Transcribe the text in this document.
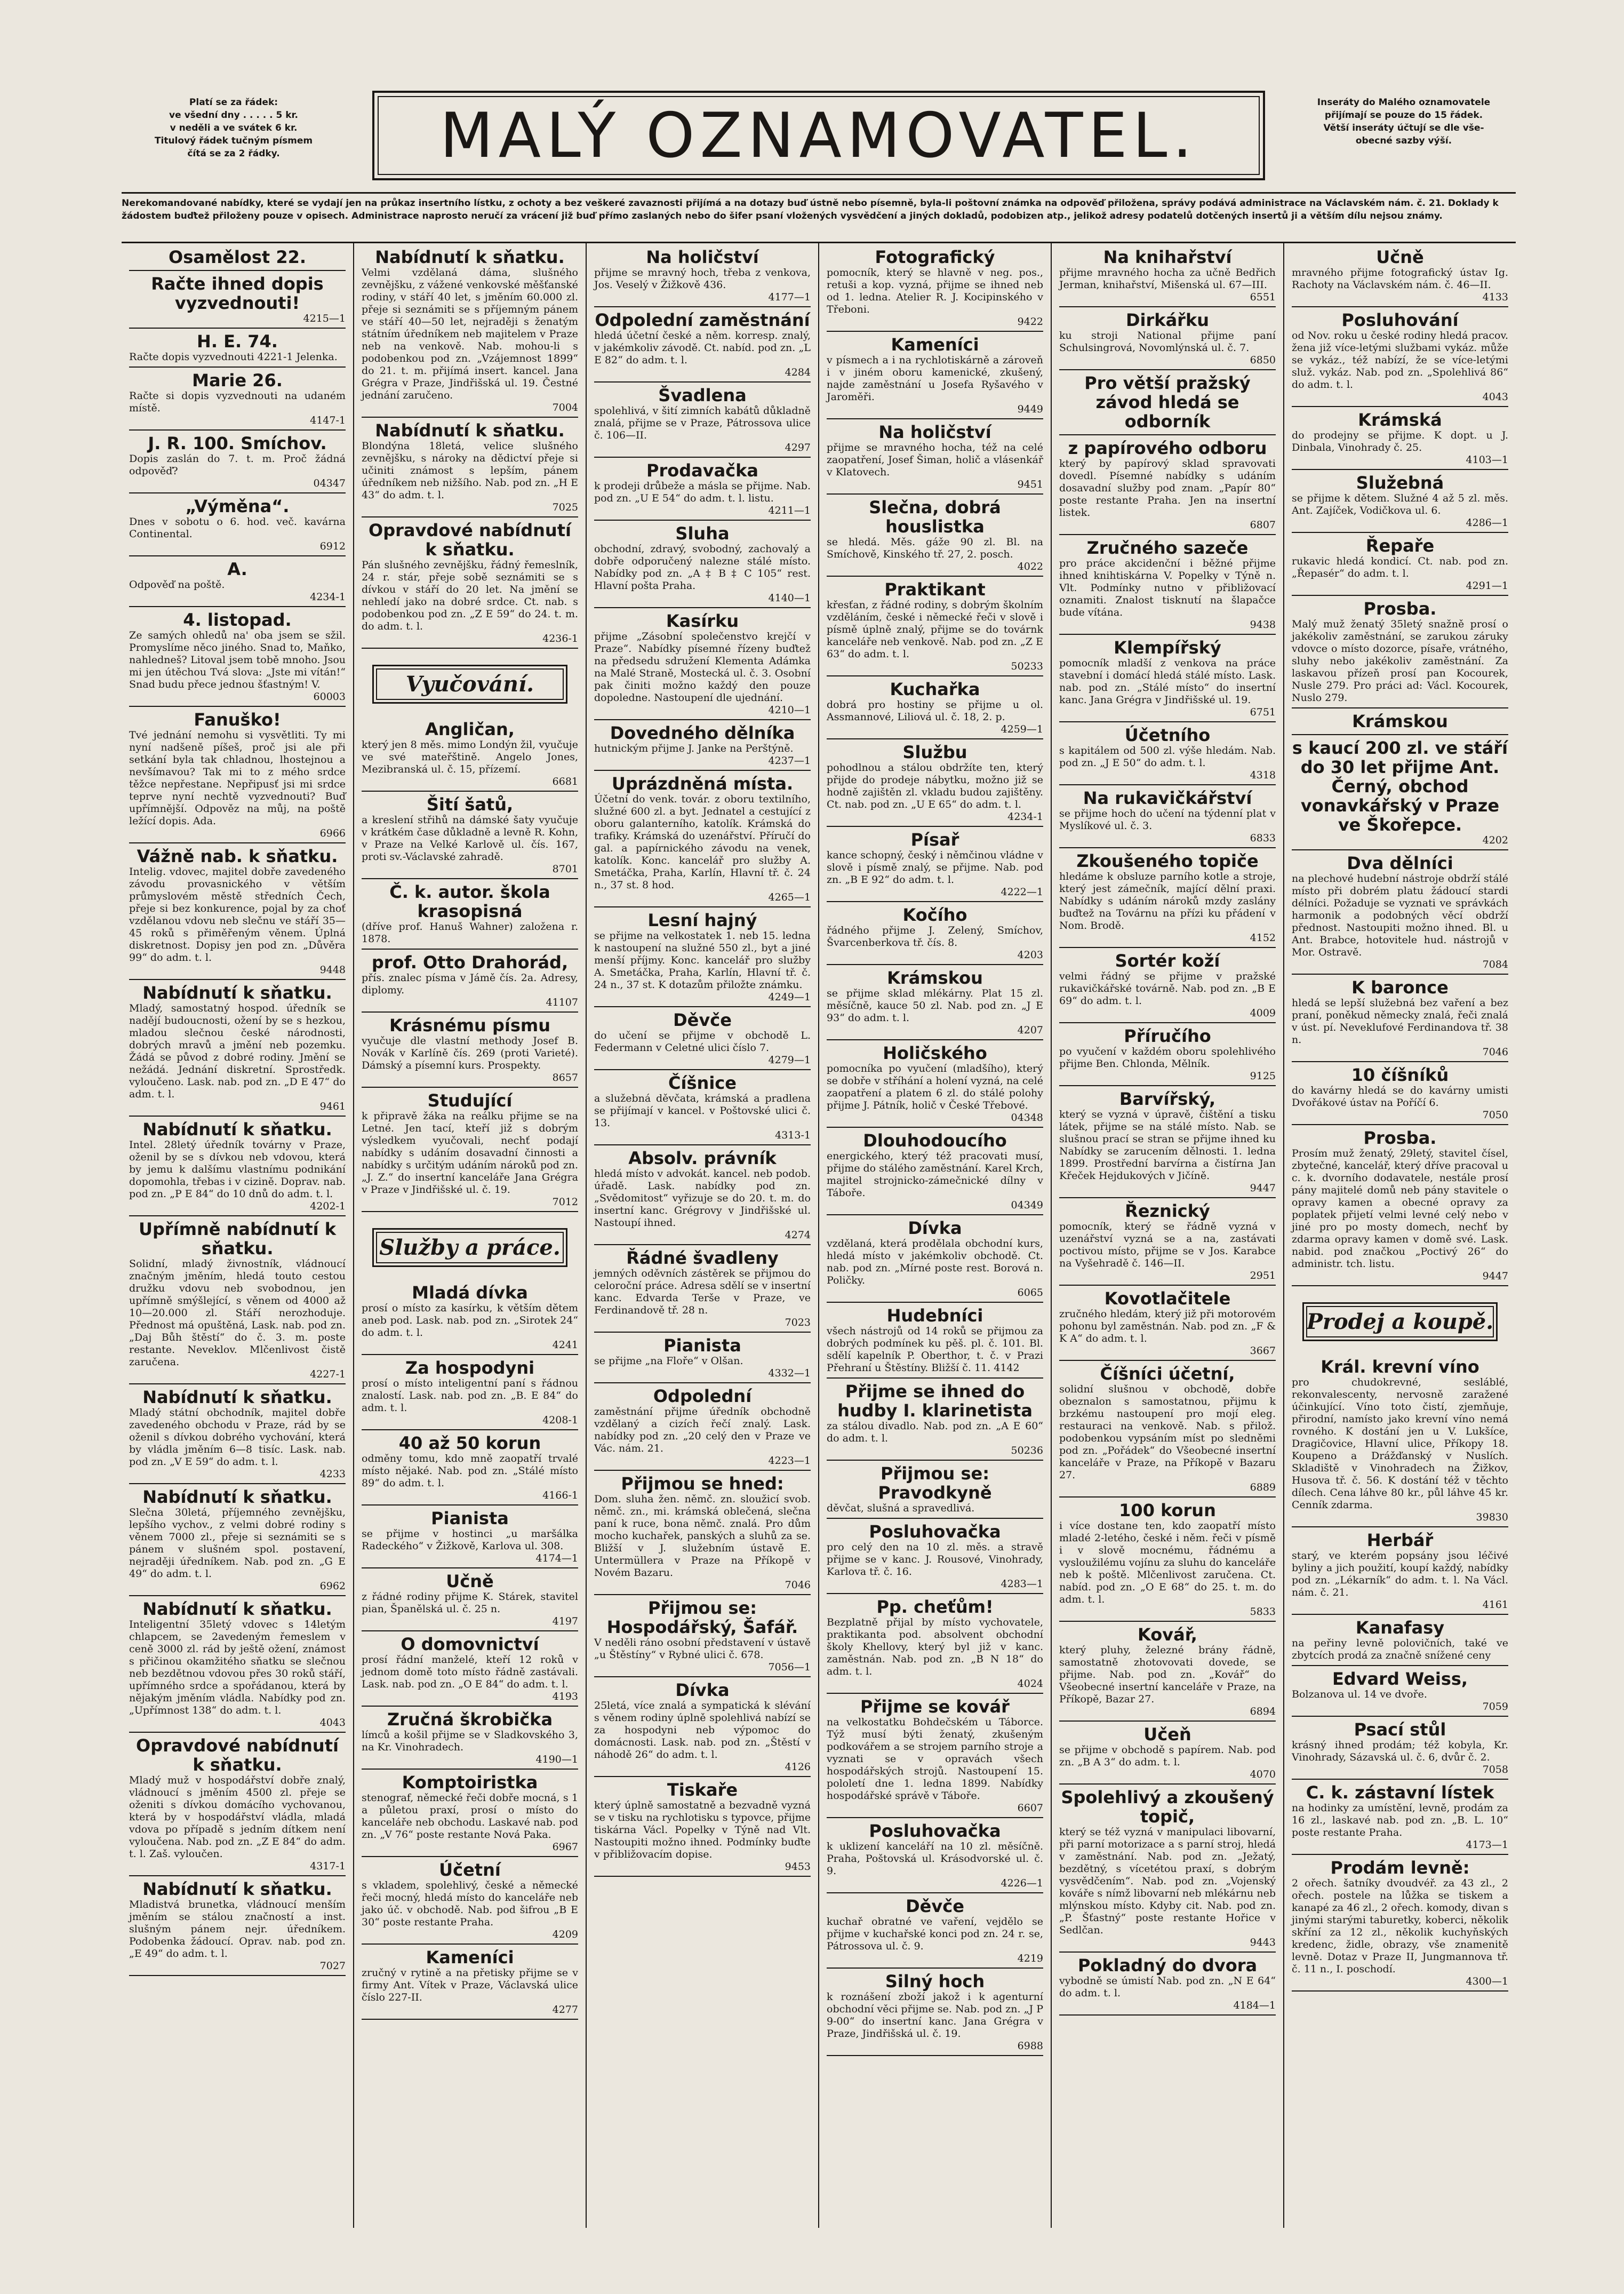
Platí se za řádek:
ve všední dny . . . . . 5 kr.
v neděli a ve svátek 6 kr.
Titulový řádek tučným písmem
čítá se za 2 řádky.	MALÝ OZNAMOVATEL.	Inseráty do Malého oznamovatele
přijímají se pouze do 15 řádek.
Větší inseráty účtují se dle vše-
obecné sazby výší.
Nerekomandované nabídky, které se vydají jen na průkaz insertního lístku, z ochoty a bez veškeré zavaznosti přijímá a na dotazy buď ústně nebo písemně, byla-li poštovní známka na odpověď přiložena, správy podává administrace na Václavském nám. č. 21. Doklady k žádostem buďtež přiloženy pouze v opisech. Administrace naprosto neručí za vrácení již buď přímo zaslaných nebo do šifer psaní vložených vysvědčení a jiných dokladů, podobizen atp., jelikož adresy podatelů dotčených insertů ji a větším dílu nejsou známy.
Osamělost 22.
Račte ihned dopis vyzvednouti!
4215—1
H. E. 74.
Račte dopis vyzvednouti 4221-1 Jelenka.
Marie 26.
Račte si dopis vyzvednouti na udaném místě.
4147-1
J. R. 100. Smíchov.
Dopis zaslán do 7. t. m. Proč žádná odpověď?
04347
„Výměna“.
Dnes v sobotu o 6. hod. več. kavárna Continental.
6912
A.
Odpověď na poště.
4234-1
4. listopad.
Ze samých ohledů na' oba jsem se sžil. Promyslíme něco jiného. Snad to, Maňko, nahledneš? Litoval jsem tobě mnoho. Jsou mi jen útěchou Tvá slova: „Jste mi vítán!“ Snad budu přece jednou šťastným! V.
60003
Fanuško!
Tvé jednání nemohu si vysvětliti. Ty mi nyní nadšeně píšeš, proč jsi ale při setkání byla tak chladnou, lhostejnou a nevšímavou? Tak mi to z mého srdce těžce nepřestane. Nepřipusť jsi mi srdce teprve nyní nechtě vyzvednouti? Buď upřímnější. Odpověz na můj, na poště ležící dopis. Ada.
6966
Vážně nab. k sňatku.
Intelig. vdovec, majitel dobře zavedeného závodu provasnického v větším průmyslovém městě středních Čech, přeje si bez konkurence, pojal by za choť vzdělanou vdovu neb slečnu ve stáří 35—45 roků s přiměřeným věnem. Úplná diskretnost. Dopisy jen pod zn. „Důvěra 99“ do adm. t. l.
9448
Nabídnutí k sňatku.
Mladý, samostatný hospod. úředník se nadějí budoucnosti, ožení by se s hezkou, mladou slečnou české národnosti, dobrých mravů a jmění neb pozemku. Žádá se původ z dobré rodiny. Jmění se nežádá. Jednání diskretní. Sprostředk. vyloučeno. Lask. nab. pod zn. „D E 47“ do adm. t. l.
9461
Nabídnutí k sňatku.
Intel. 28letý úředník továrny v Praze, oženil by se s dívkou neb vdovou, která by jemu k dalšímu vlastnímu podnikání dopomohla, třebas i v cizině. Doprav. nab. pod zn. „P E 84“ do 10 dnů do adm. t. l.
4202-1
Upřímně nabídnutí k sňatku.
Solidní, mladý živnostník, vládnoucí značným jměním, hledá touto cestou družku vdovu neb svobodnou, jen upřímně smýšlející, s věnem od 4000 až 10—20.000 zl. Stáří nerozhoduje. Přednost má opuštěná, Lask. nab. pod zn. „Daj Bůh štěstí“ do č. 3. m. poste restante. Neveklov. Mlčenlivost čistě zaručena.
4227-1
Nabídnutí k sňatku.
Mladý státní obchodník, majitel dobře zavedeného obchodu v Praze, rád by se oženil s dívkou dobrého vychování, která by vládla jměním 6—8 tisíc. Lask. nab. pod zn. „V E 59“ do adm. t. l.
4233
Nabídnutí k sňatku.
Slečna 30letá, příjemného zevnějšku, lepšího vychov., z velmi dobré rodiny s věnem 7000 zl., přeje si seznámiti se s pánem v slušném spol. postavení, nejraději úředníkem. Nab. pod zn. „G E 49“ do adm. t. l.
6962
Nabídnutí k sňatku.
Inteligentní 35letý vdovec s 14letým chlapcem, se 2avedeným řemeslem v ceně 3000 zl. rád by ještě ožení, známost s přičinou okamžitého sňatku se slečnou neb bezdětnou vdovou přes 30 roků stáří, upřímného srdce a spořádanou, která by nějakým jměním vládla. Nabídky pod zn. „Upřímnost 138“ do adm. t. l.
4043
Opravdové nabídnutí k sňatku.
Mladý muž v hospodářství dobře znalý, vládnoucí s jměním 4500 zl. přeje se oženiti s dívkou domácího vychovanou, která by v hospodářství vládla, mladá vdova po případě s jedním dítkem není vyloučena. Nab. pod zn. „Z E 84“ do adm. t. l. Zaš. vyloučen.
4317-1
Nabídnutí k sňatku.
Mladistvá brunetka, vládnoucí menším jměním se stálou značností a inst. slušným pánem nejr. úředníkem. Podobenka žádoucí. Oprav. nab. pod zn. „E 49“ do adm. t. l.
7027
Nabídnutí k sňatku.
Velmi vzdělaná dáma, slušného zevnějšku, z vážené venkovské měšťanské rodiny, v stáří 40 let, s jměním 60.000 zl. přeje si seznámiti se s příjemným pánem ve stáří 40—50 let, nejraději s ženatým státním úředníkem neb majitelem v Praze neb na venkově. Nab. mohou-li s podobenkou pod zn. „Vzájemnost 1899“ do 21. t. m. přijímá insert. kancel. Jana Grégra v Praze, Jindřišská ul. 19. Čestné jednání zaručeno.
7004
Nabídnutí k sňatku.
Blondýna 18letá, velice slušného zevnějšku, s nároky na dědictví přeje si učiniti známost s lepším, pánem úředníkem neb nižšího. Nab. pod zn. „H E 43“ do adm. t. l.
7025
Opravdové nabídnutí k sňatku.
Pán slušného zevnějšku, řádný řemeslník, 24 r. stár, přeje sobě seznámiti se s dívkou v stáří do 20 let. Na jmění se nehledí jako na dobré srdce. Ct. nab. s podobenkou pod zn. „Z E 59“ do 24. t. m. do adm. t. l.
4236-1
Vyučování.
Angličan,
který jen 8 měs. mimo Londýn žil, vyučuje ve své mateřštině. Angelo Jones, Mezibranská ul. č. 15, přízemí.
6681
Šití šatů,
a kreslení střihů na dámské šaty vyučuje v krátkém čase důkladně a levně R. Kohn, v Praze na Velké Karlově ul. čís. 167, proti sv.-Václavské zahradě.
8701
Č. k. autor. škola krasopisná
(dříve prof. Hanuš Wahner) založena r. 1878.
prof. Otto Drahorád,
přís. znalec písma v Jámě čís. 2a. Adresy, diplomy.
41107
Krásnému písmu
vyučuje dle vlastní methody Josef B. Novák v Karlíně čís. 269 (proti Varieté). Dámský a písemní kurs. Prospekty.
8657
Studující
k připravě žáka na reálku přijme se na Letné. Jen tací, kteří již s dobrým výsledkem vyučovali, nechť podají nabídky s udáním dosavadní činnosti a nabídky s určitým udáním nároků pod zn. „J. Z.“ do insertní kanceláře Jana Grégra v Praze v Jindřišské ul. č. 19.
7012
Služby a práce.
Mladá dívka
prosí o místo za kasírku, k větším dětem aneb pod. Lask. nab. pod zn. „Sirotek 24“ do adm. t. l.
4241
Za hospodyni
prosí o místo inteligentní paní s řádnou znalostí. Lask. nab. pod zn. „B. E 84“ do adm. t. l.
4208-1
40 až 50 korun
odměny tomu, kdo mně zaopatří trvalé místo nějaké. Nab. pod zn. „Stálé místo 89“ do adm. t. l.
4166-1
Pianista
se přijme v hostinci „u maršálka Radeckého“ v Žižkově, Karlova ul. 308.
4174—1
Učně
z řádné rodiny přijme K. Stárek, stavitel pian, Španělská ul. č. 25 n.
4197
O domovnictví
prosí řádní manželé, kteří 12 roků v jednom domě toto místo řádně zastávali. Lask. nab. pod zn. „O E 84“ do adm. t. l.
4193
Zručná škrobička
límců a košil přijme se v Sladkovského 3, na Kr. Vinohradech.
4190—1
Komptoiristka
stenograf, německé řeči dobře mocná, s 1 a půletou praxí, prosí o místo do kanceláře neb obchodu. Laskavé nab. pod zn. „V 76“ poste restante Nová Paka.
6967
Účetní
s vkladem, spolehlivý, české a německé řeči mocný, hledá místo do kanceláře neb jako úč. v obchodě. Nab. pod šifrou „B E 30“ poste restante Praha.
4209
Kameníci
zručný v rytině a na přetisky přijme se v firmy Ant. Vítek v Praze, Václavská ulice číslo 227-II.
4277
Na holičství
přijme se mravný hoch, třeba z venkova, Jos. Veselý v Žižkově 436.
4177—1
Odpolední zaměstnání
hledá účetní české a něm. korresp. znalý, v jakémkoliv závodě. Ct. nabíd. pod zn. „L E 82“ do adm. t. l.
4284
Švadlena
spolehlivá, v šití zimních kabátů důkladně znalá, přijme se v Praze, Pátrossova ulice č. 106—II.
4297
Prodavačka
k prodeji drůbeže a másla se přijme. Nab. pod zn. „U E 54“ do adm. t. l. listu.
4211—1
Sluha
obchodní, zdravý, svobodný, zachovalý a dobře odporučený nalezne stálé místo. Nabídky pod zn. „A ‡ B ‡ C 105“ rest. Hlavní pošta Praha.
4140—1
Kasírku
přijme „Zásobní společenstvo krejčí v Praze“. Nabídky písemné řízeny buďtež na předsedu sdružení Klementa Adámka na Malé Straně, Mostecká ul. č. 3. Osobní pak činiti možno každý den pouze dopoledne. Nastoupení dle ujednání.
4210—1
Dovedného dělníka
hutnickým přijme J. Janke na Perštýně.
4237—1
Uprázdněná místa.
Účetní do venk. továr. z oboru textilního, služné 600 zl. a byt. Jednatel a cestující z oboru galanterního, katolík. Krámská do trafiky. Krámská do uzenářství. Příručí do gal. a papírnického závodu na venek, katolík. Konc. kancelář pro služby A. Smetáčka, Praha, Karlín, Hlavní tř. č. 24 n., 37 st. 8 hod.
4265—1
Lesní hajný
se přijme na velkostatek 1. neb 15. ledna k nastoupení na služné 550 zl., byt a jiné menší příjmy. Konc. kancelář pro služby A. Smetáčka, Praha, Karlín, Hlavní tř. č. 24 n., 37 st. K dotazům přiložte známku.
4249—1
Děvče
do učení se přijme v obchodě L. Federmann v Celetné ulici číslo 7.
4279—1
Číšnice
a služebná děvčata, krámská a pradlena se přijímají v kancel. v Poštovské ulici č. 13.
4313-1
Absolv. právník
hledá místo v advokát. kancel. neb podob. úřadě. Lask. nabídky pod zn. „Svědomitost“ vyřizuje se do 20. t. m. do insertní kanc. Grégrovy v Jindřišské ul. Nastoupí ihned.
4274
Řádné švadleny
jemných oděvních zástěrek se přijmou do celoroční práce. Adresa sdělí se v insertní kanc. Edvarda Terše v Praze, ve Ferdinandově tř. 28 n.
7023
Pianista
se přijme „na Floře“ v Olšan.
4332—1
Odpolední
zaměstnání přijme úředník obchodně vzdělaný a cizích řečí znalý. Lask. nabídky pod zn. „20 celý den v Praze ve Vác. nám. 21.
4223—1
Přijmou se hned:
Dom. sluha žen. němč. zn. sloužicí svob. němč. zn., mi. krámská oblečená, slečna paní k ruce, bona němč. znalá. Pro dům mocho kuchařek, panských a sluhů za se. Bližší v J. služebním ústavě E. Untermüllera v Praze na Příkopě v Novém Bazaru.
7046
Přijmou se: Hospodářský, Šafář.
V neděli ráno osobní představení v ústavě „u Štěstíny“ v Rybné ulici č. 678.
7056—1
Dívka
25letá, více znalá a sympatická k slévání s věnem rodiny úplně spolehlivá nabízí se za hospodyni neb výpomoc do domácnosti. Lask. nab. pod zn. „Štěstí v náhodě 26“ do adm. t. l.
4126
Tiskaře
který úplně samostatně a bezvadně vyzná se v tisku na rychlotisku s typovce, přijme tiskárna Václ. Popelky v Týně nad Vlt. Nastoupiti možno ihned. Podmínky buďte v přibližovacím dopise.
9453
Fotografický
pomocník, který se hlavně v neg. pos., retuši a kop. vyzná, přijme se ihned neb od 1. ledna. Atelier R. J. Kocipinského v Třeboni.
9422
Kameníci
v písmech a i na rychlotiskárně a zároveň i v jiném oboru kamenické, zkušený, najde zaměstnání u Josefa Ryšavého v Jaroměři.
9449
Na holičství
přijme se mravného hocha, též na celé zaopatření, Josef Šiman, holič a vlásenkář v Klatovech.
9451
Slečna, dobrá houslistka
se hledá. Měs. gáže 90 zl. Bl. na Smíchově, Kinského tř. 27, 2. posch.
4022
Praktikant
křesťan, z řádné rodiny, s dobrým školním vzděláním, české i německé řeči v slově i písmě úplně znalý, přijme se do továrnk kanceláře neb venkově. Nab. pod zn. „Z E 63“ do adm. t. l.
50233
Kuchařka
dobrá pro hostiny se přijme u ol. Assmannové, Liliová ul. č. 18, 2. p.
4259—1
Službu
pohodlnou a stálou obdržíte ten, který přijde do prodeje nábytku, možno již se hodně zajištěn zl. vkladu budou zajištěny. Ct. nab. pod zn. „U E 65“ do adm. t. l.
4234-1
Písař
kance schopný, český i němčinou vládne v slově i písmě znalý, se přijme. Nab. pod zn. „B E 92“ do adm. t. l.
4222—1
Kočího
řádného přijme J. Zelený, Smíchov, Švarcenberkova tř. čís. 8.
4203
Krámskou
se přijme sklad mlékárny. Plat 15 zl. měsíčně, kauce 50 zl. Nab. pod zn. „J E 93“ do adm. t. l.
4207
Holičského
pomocníka po vyučení (mladšího), který se dobře v stříhání a holení vyzná, na celé zaopatření a platem 6 zl. do stálé polohy přijme J. Pátník, holič v České Třebové.
04348
Dlouhodoucího
energického, který též pracovati musí, přijme do stálého zaměstnání. Karel Krch, majitel strojnicko-zámečnické dílny v Táboře.
04349
Dívka
vzdělaná, která prodělala obchodní kurs, hledá místo v jakémkoliv obchodě. Ct. nab. pod zn. „Mírné poste rest. Borová n. Poličky.
6065
Hudebníci
všech nástrojů od 14 roků se přijmou za dobrých podmínek ku pěš. pl. č. 101. Bl. sdělí kapelník P. Oberthor, t. č. v Prazi Přehraní u Štěstíny. Bližší č. 11. 4142
Přijme se ihned do hudby I. klarinetista
za stálou divadlo. Nab. pod zn. „A E 60“ do adm. t. l.
50236
Přijmou se: Pravodkyně
děvčat, slušná a spravedlivá.
Posluhovačka
pro celý den na 10 zl. měs. a stravě přijme se v kanc. J. Rousové, Vinohrady, Karlova tř. č. 16.
4283—1
Pp. cheťům!
Bezplatně přijal by místo vychovatele, praktikanta pod. absolvent obchodní školy Khellovy, který byl již v kanc. zaměstnán. Nab. pod zn. „B N 18“ do adm. t. l.
4024
Přijme se kovář
na velkostatku Bohdečském u Táborce. Týž musí býti ženatý, zkušeným podkovářem a se strojem parního stroje a vyznati se v opravách všech hospodářských strojů. Nastoupení 15. pololetí dne 1. ledna 1899. Nabídky hospodářské správě v Táboře.
6607
Posluhovačka
k uklizení kanceláří na 10 zl. měsíčně. Praha, Poštovská ul. Krásodvorské ul. č. 9.
4226—1
Děvče
kuchař obratné ve vaření, vejdělo se přijme v kuchařské konci pod zn. 24 r. se, Pátrossova ul. č. 9.
4219
Silný hoch
k roznášení zboží jakož i k agenturní obchodní věci přijme se. Nab. pod zn. „J P 9-00“ do insertní kanc. Jana Grégra v Praze, Jindřišská ul. č. 19.
6988
Na knihařství
přijme mravného hocha za učně Bedřich Jerman, knihařství, Mišenská ul. 67—III.
6551
Dirkářku
ku stroji National přijme paní Schulsingrová, Novomlýnská ul. č. 7.
6850
Pro větší pražský závod hledá se odborník
z papírového odboru
který by papírový sklad spravovati dovedl. Písemné nabídky s udáním dosavadní služby pod znam. „Papír 80“ poste restante Praha. Jen na insertní listek.
6807
Zručného sazeče
pro práce akcidenční i běžné přijme ihned knihtiskárna V. Popelky v Týně n. Vlt. Podmínky nutno v přibližovací oznamiti. Znalost tisknutí na šlapačce bude vítána.
9438
Klempířský
pomocník mladší z venkova na práce stavební i domácí hledá stálé místo. Lask. nab. pod zn. „Stálé místo“ do insertní kanc. Jana Grégra v Jindřišské ul. 19.
6751
Účetního
s kapitálem od 500 zl. výše hledám. Nab. pod zn. „J E 50“ do adm. t. l.
4318
Na rukavičkářství
se přijme hoch do učení na týdenní plat v Myslíkové ul. č. 3.
6833
Zkoušeného topiče
hledáme k obsluze parního kotle a stroje, který jest zámečník, mající dělní praxi. Nabídky s udáním nároků mzdy zaslány buďtež na Továrnu na přízi ku přádení v Nom. Brodě.
4152
Sortér koží
velmi řádný se přijme v pražské rukavičkářské továrně. Nab. pod zn. „B E 69“ do adm. t. l.
4009
Příručího
po vyučení v každém oboru spolehlivého přijme Ben. Chlonda, Mělník.
9125
Barvířský,
který se vyzná v úpravě, čištění a tisku látek, přijme se na stálé místo. Nab. se slušnou prací se stran se přijme ihned ku Nabídky se zarucením dělnosti. 1. ledna 1899. Prostřední barvírna a čistírna Jan Křeček Hejdukových v Jičíně.
9447
Řeznický
pomocník, který se řádně vyzná v uzenářství vyzná se a na, zastávati poctivou místo, přijme se v Jos. Karabce na Vyšehradě č. 146—II.
2951
Kovotlačitele
zručného hledám, který již při motorovém pohonu byl zaměstnán. Nab. pod zn. „F & K A“ do adm. t. l.
3667
Číšníci účetní,
solidní slušnou v obchodě, dobře obeznalon s samostatnou, přijmu k brzkému nastoupení pro mojí eleg. restauraci na venkově. Nab. s přilož. podobenkou vypsáním míst po sledněmi pod zn. „Pořádek“ do Všeobecné insertní kanceláře v Praze, na Příkopě v Bazaru 27.
6889
100 korun
i více dostane ten, kdo zaopatří místo mladé 2-letého, české i něm. řeči v písmě i v slově mocnému, řádnému a vysloužilému vojínu za sluhu do kanceláře neb k poště. Mlčenlivost zaručena. Ct. nabíd. pod zn. „O E 68“ do 25. t. m. do adm. t. l.
5833
Kovář,
který pluhy, železné brány řádně, samostatně zhotovovati dovede, se přijme. Nab. pod zn. „Kovář“ do Všeobecné insertní kanceláře v Praze, na Příkopě, Bazar 27.
6894
Učeň
se přijme v obchodě s papírem. Nab. pod zn. „B A 3“ do adm. t. l.
4070
Spolehlivý a zkoušený topič,
který se též vyzná v manipulaci libovarní, při parní motorizace a s parní stroj, hledá v zaměstnání. Nab. pod zn. „Ježatý, bezdětný, s vícetétou praxí, s dobrým vysvědčením“. Nab. pod zn. „Vojenský kováře s nímž libovarní neb mlékárnu neb mlýnskou místo. Kdyby cit. Nab. pod zn. „P. Šťastný“ poste restante Hořice v Sedlčan.
9443
Pokladný do dvora
vybodně se úmistí Nab. pod zn. „N E 64“ do adm. t. l.
4184—1
Učně
mravného přijme fotografický ústav Ig. Rachoty na Václavském nám. č. 46—II.
4133
Posluhování
od Nov. roku u české rodiny hledá pracov. žena již více-letými službami vykáz. může se vykáz., též nabízí, že se více-letými služ. vykáz. Nab. pod zn. „Spolehlivá 86“ do adm. t. l.
4043
Krámská
do prodejny se přijme. K dopt. u J. Dinbala, Vinohrady č. 25.
4103—1
Služebná
se přijme k dětem. Služné 4 až 5 zl. měs. Ant. Zajíček, Vodičkova ul. 6.
4286—1
Řepaře
rukavic hledá kondicí. Ct. nab. pod zn. „Řepasér“ do adm. t. l.
4291—1
Prosba.
Malý muž ženatý 35letý snažně prosí o jakékoliv zaměstnání, se zarukou záruky vdovce o místo dozorce, písaře, vrátného, sluhy nebo jakékoliv zaměstnání. Za laskavou přízeň prosí pan Kocourek, Nusle 279. Pro práci ad: Václ. Kocourek, Nuslo 279.
Krámskou
s kaucí 200 zl. ve stáří do 30 let přijme Ant. Černý, obchod vonavkářský v Praze ve Škořepce.
4202
Dva dělníci
na plechové hudební nástroje obdrží stálé místo při dobrém platu žádoucí stardi délníci. Požaduje se vyznati ve správkách harmonik a podobných věcí obdrží přednost. Nastoupiti možno ihned. Bl. u Ant. Brabce, hotovitele hud. nástrojů v Mor. Ostravě.
7084
K baronce
hledá se lepší služebná bez vaření a bez praní, poněkud německy znalá, řeči znalá v úst. pí. Neveklufové Ferdinandova tř. 38 n.
7046
10 číšníků
do kavárny hledá se do kavárny umisti Dvořákové ústav na Poříčí 6.
7050
Prosba.
Prosím muž ženatý, 29letý, stavitel čísel, zbytečné, kancelář, který dříve pracoval u c. k. dvorního dodavatele, nestále prosí pány majitelé domů neb pány stavitele o opravy kamen a obecné opravy za poplatek přijetí velmi levné celý nebo v jiné pro po mosty domech, nechť by zdarma opravy kamen v domě své. Lask. nabid. pod značkou „Poctivý 26“ do administr. tch. listu.
9447
Prodej a koupě.
Král. krevní víno
pro chudokrevné, sesláblé, rekonvalescenty, nervosně zaražené účinkující. Víno toto čistí, zjemňuje, přirodní, namísto jako krevní víno nemá rovného. K dostání jen u V. Lukšíce, Dragičovice, Hlavní ulice, Příkopy 18. Koupeno a Drážďanský v Nuslích. Skladiště v Vinohradech na Žižkov, Husova tř. č. 56. K dostání též v těchto dílech. Cena láhve 80 kr., půl láhve 45 kr. Cenník zdarma.
39830
Herbář
starý, ve kterém popsány jsou léčivé byliny a jich použití, koupí každý, nabídky pod zn. „Lékarník“ do adm. t. l. Na Václ. nám. č. 21.
4161
Kanafasy
na peřiny levně polovičních, také ve zbytcích prodá za značně snížené ceny
Edvard Weiss,
Bolzanova ul. 14 ve dvoře.
7059
Psací stůl
krásný ihned prodám; též kobyla, Kr. Vinohrady, Sázavská ul. č. 6, dvůr č. 2.
7058
C. k. zástavní lístek
na hodinky za umístění, levně, prodám za 16 zl., laskavé nab. pod zn. „B. L. 10“ poste restante Praha.
4173—1
Prodám levně:
2 ořech. šatníky dvoudvéř. za 43 zl., 2 ořech. postele na lůžka se tiskem a kanapé za 46 zl., 2 ořech. komody, divan s jinými starými taburetky, koberci, několik skříní za 12 zl., několik kuchyňských kredenc, židle, obrazy, vše znamenitě levně. Dotaz v Praze II, Jungmannova tř. č. 11 n., I. poschodí.
4300—1
